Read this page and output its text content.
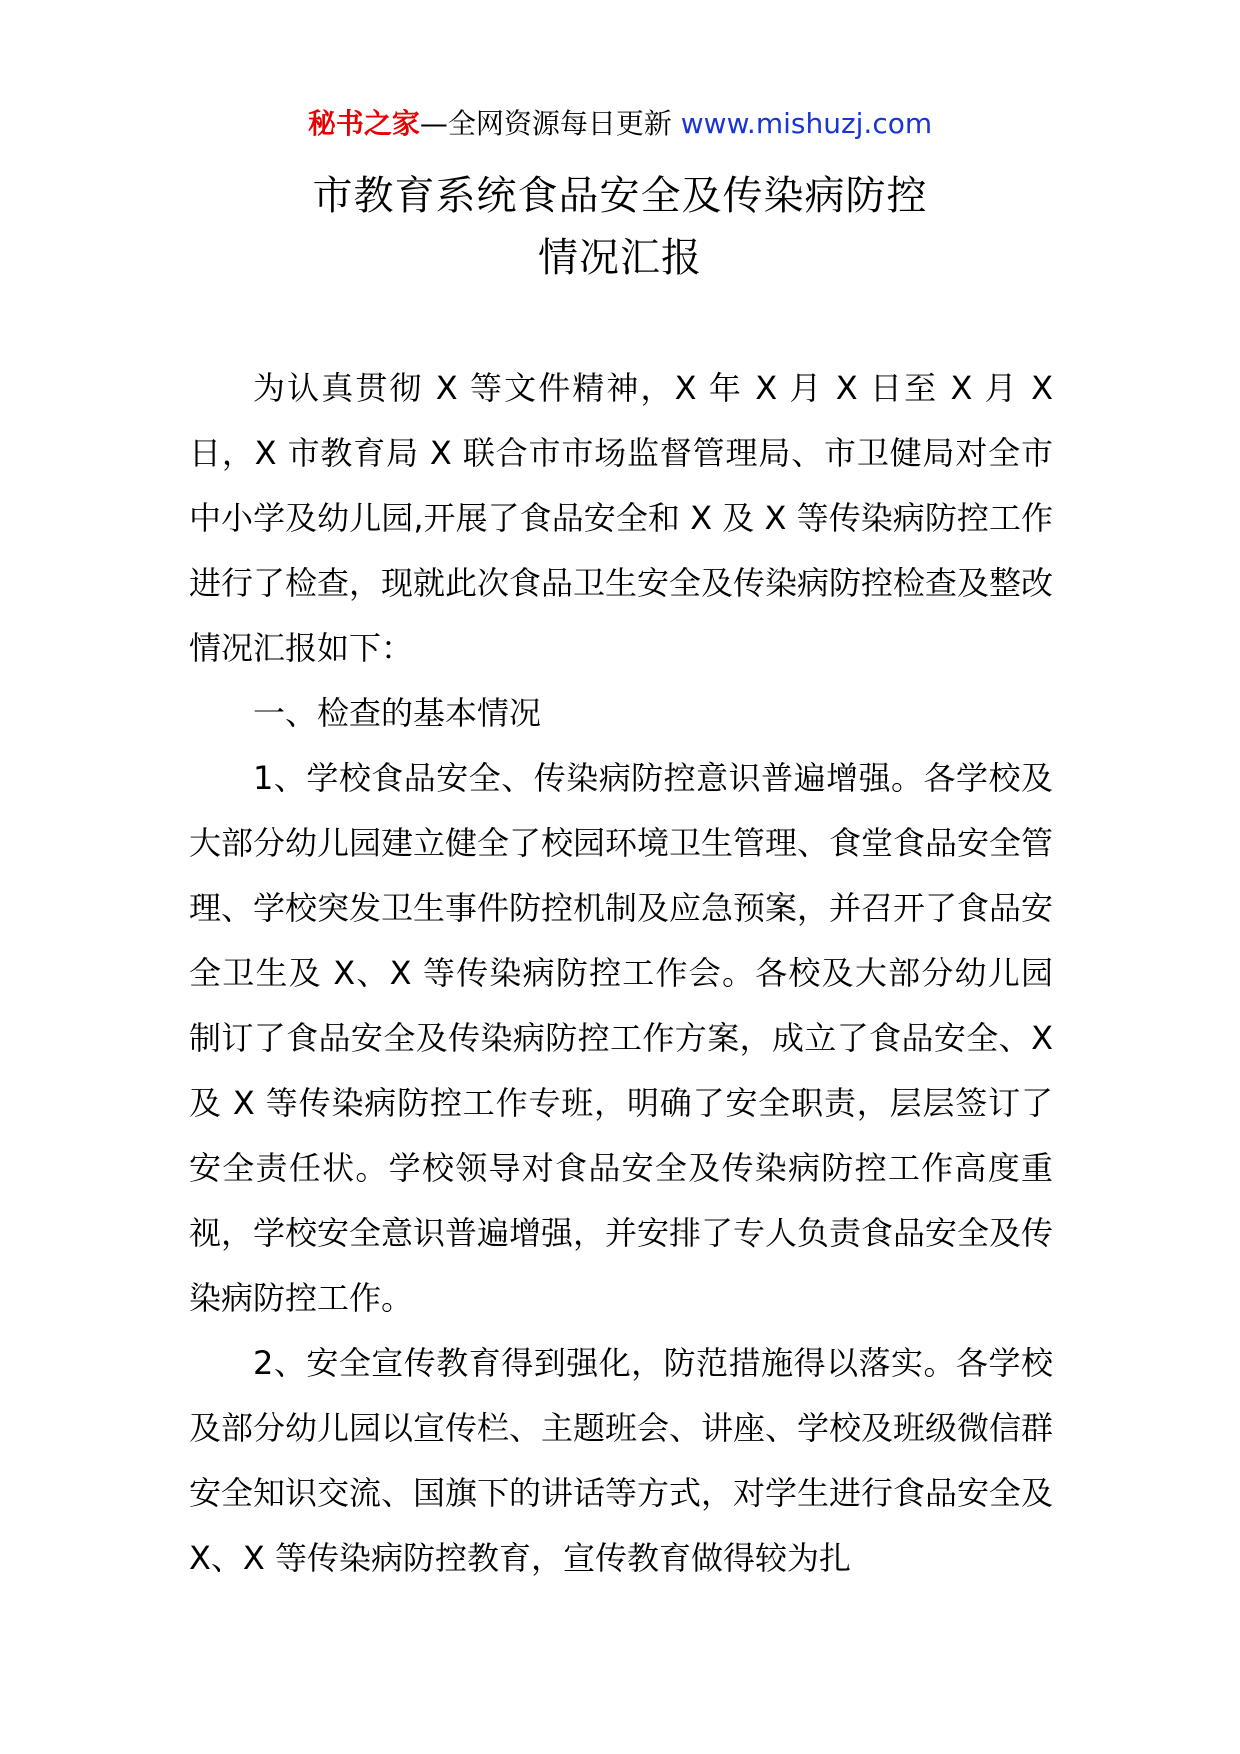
秘书之家—全网资源每日更新 www.mishuzj.com
市教育系统食品安全及传染病防控
情况汇报

为认真贯彻 X 等文件精神，X 年 X 月 X 日至 X 月 X 日，X 市教育局 X 联合市市场监督管理局、市卫健局对全市中小学及幼儿园,开展了食品安全和 X 及 X 等传染病防控工作进行了检查，现就此次食品卫生安全及传染病防控检查及整改情况汇报如下：

一、检查的基本情况

1、学校食品安全、传染病防控意识普遍增强。各学校及大部分幼儿园建立健全了校园环境卫生管理、食堂食品安全管理、学校突发卫生事件防控机制及应急预案，并召开了食品安全卫生及 X、X 等传染病防控工作会。各校及大部分幼儿园制订了食品安全及传染病防控工作方案，成立了食品安全、X 及 X 等传染病防控工作专班，明确了安全职责，层层签订了安全责任状。学校领导对食品安全及传染病防控工作高度重视，学校安全意识普遍增强，并安排了专人负责食品安全及传染病防控工作。

2、安全宣传教育得到强化，防范措施得以落实。各学校及部分幼儿园以宣传栏、主题班会、讲座、学校及班级微信群安全知识交流、国旗下的讲话等方式，对学生进行食品安全及 X、X 等传染病防控教育，宣传教育做得较为扎
